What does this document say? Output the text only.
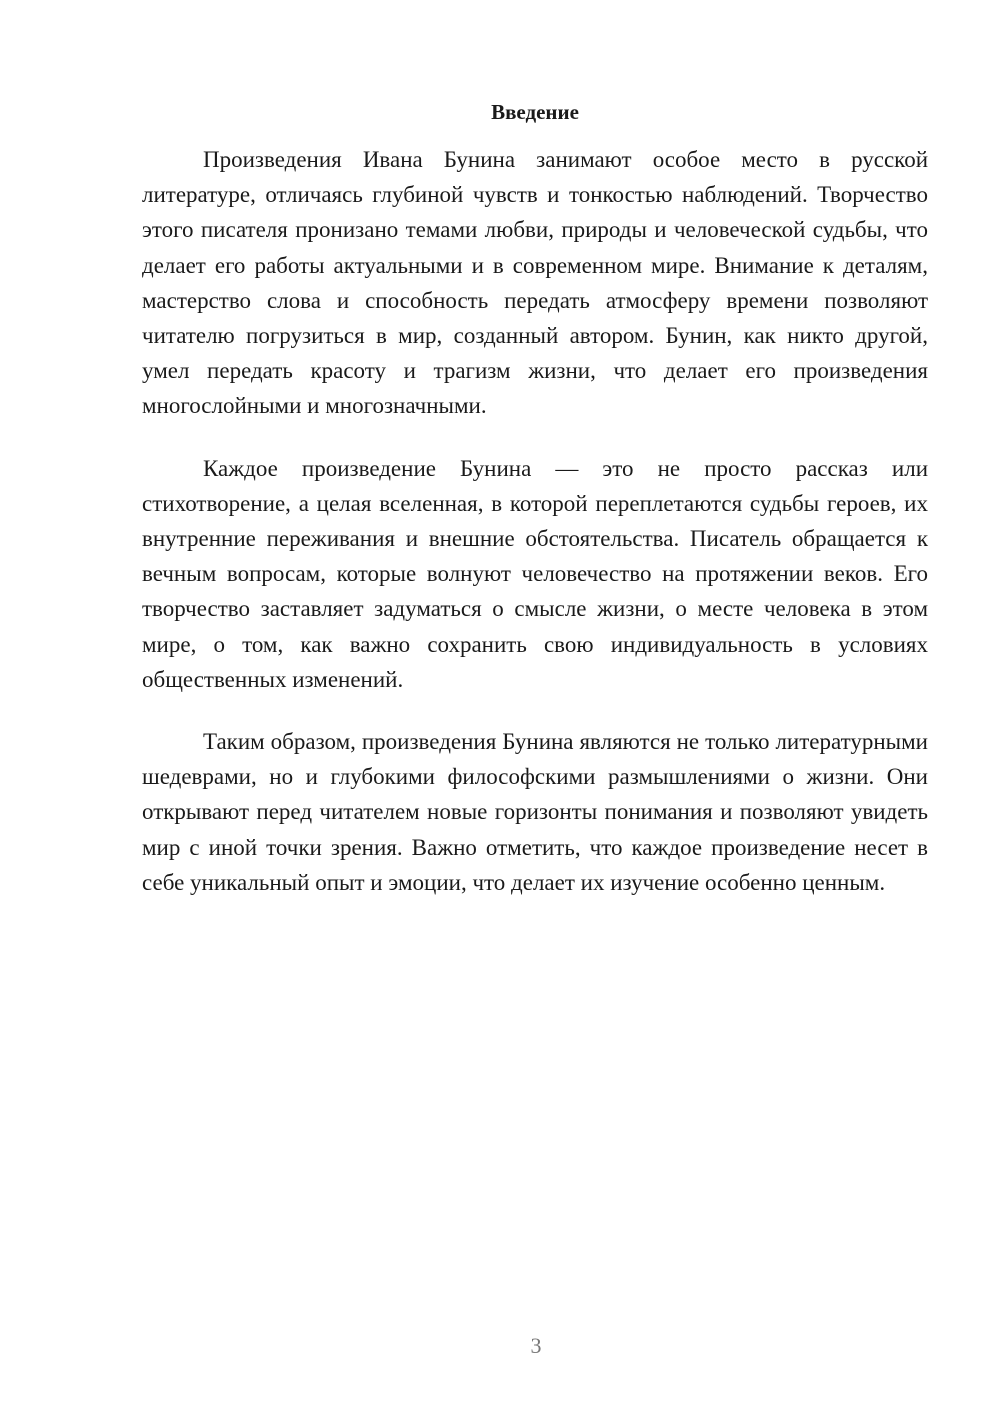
Введение

Произведения Ивана Бунина занимают особое место в русской литературе, отличаясь глубиной чувств и тонкостью наблюдений. Творчество этого писателя пронизано темами любви, природы и человеческой судьбы, что делает его работы актуальными и в современном мире. Внимание к деталям, мастерство слова и способность передать атмосферу времени позволяют читателю погрузиться в мир, созданный автором. Бунин, как никто другой, умел передать красоту и трагизм жизни, что делает его произведения многослойными и многозначными.

Каждое произведение Бунина — это не просто рассказ или стихотворение, а целая вселенная, в которой переплетаются судьбы героев, их внутренние переживания и внешние обстоятельства. Писатель обращается к вечным вопросам, которые волнуют человечество на протяжении веков. Его творчество заставляет задуматься о смысле жизни, о месте человека в этом мире, о том, как важно сохранить свою индивидуальность в условиях общественных изменений.

Таким образом, произведения Бунина являются не только литературными шедеврами, но и глубокими философскими размышлениями о жизни. Они открывают перед читателем новые горизонты понимания и позволяют увидеть мир с иной точки зрения. Важно отметить, что каждое произведение несет в себе уникальный опыт и эмоции, что делает их изучение особенно ценным.

3
